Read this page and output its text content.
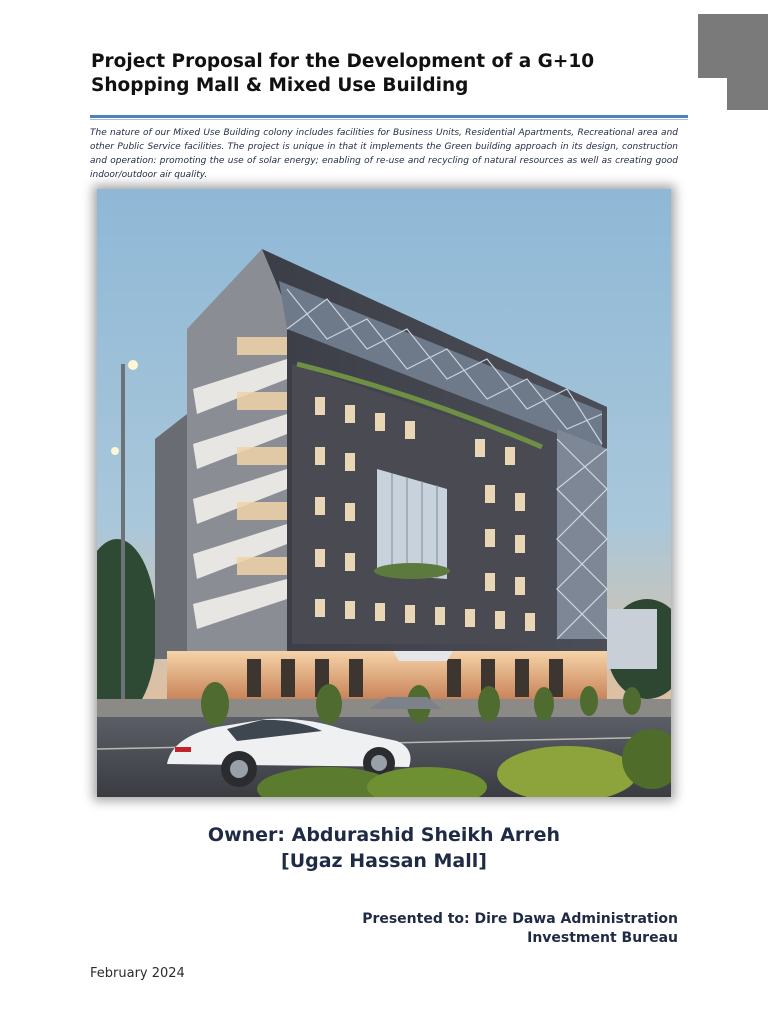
Project Proposal for the Development of a G+10
Shopping Mall & Mixed Use Building
The nature of our Mixed Use Building colony includes facilities for Business Units, Residential Apartments, Recreational area and other Public Service facilities. The project is unique in that it implements the Green building approach in its design, construction and operation: promoting the use of solar energy; enabling of re-use and recycling of natural resources as well as creating good indoor/outdoor air quality.
Owner: Abdurashid Sheikh Arreh
[Ugaz Hassan Mall]
Presented to: Dire Dawa Administration
Investment Bureau
February 2024
